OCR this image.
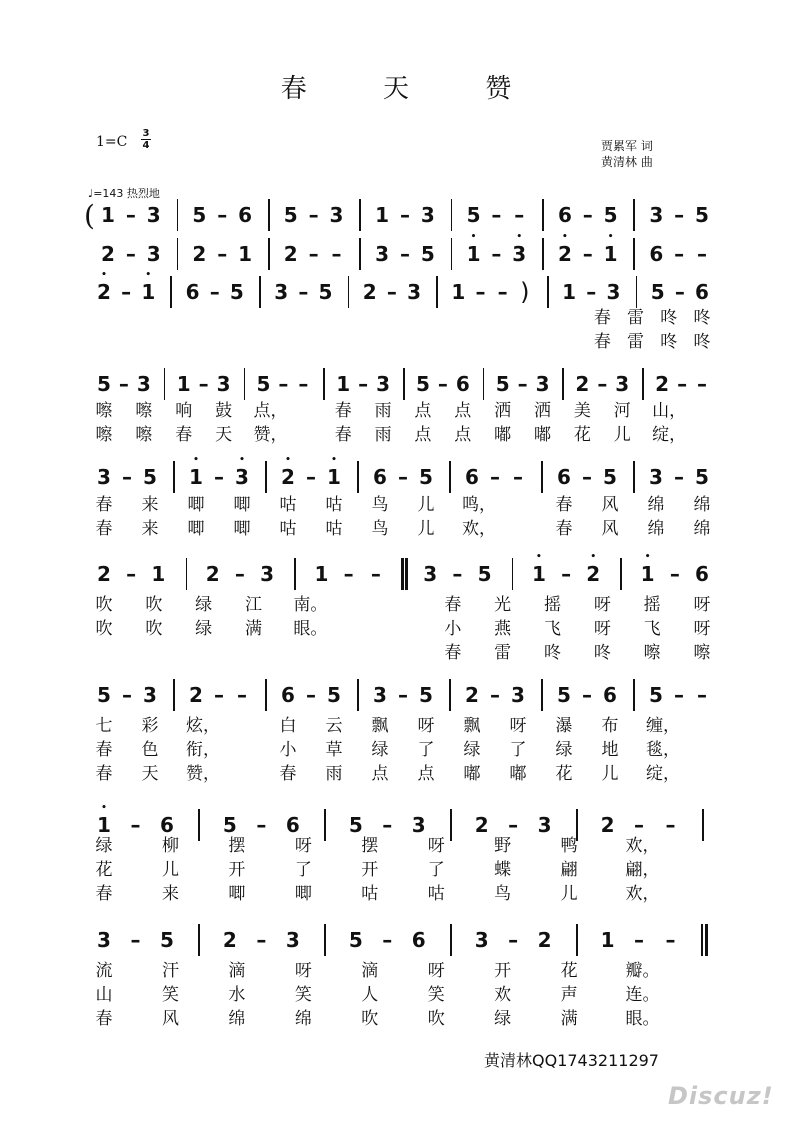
春 天 赞
1=C
3
4	贾累军 词
黄清林 曲
♩=143 热烈地
( 1 – 3 5 – 6 5 – 3 1 – 3 5 – – 6 – 5 3 – 5
2 – 3 2 – 1 2 – – 3 – 5 • 1 – • 3 • 2 – • 1 6 – –
• 2 – • 1 6 – 5 3 – 5 2 – 3 1 – – ) 1 – 3 5 – 6
春 雷 咚 咚
春 雷 咚 咚
5 – 3 1 – 3 5 – – 1 – 3 5 – 6 5 – 3 2 – 3 2 – –
嚓 嚓 响 鼓 点，	春 雨 点 点 洒 洒 美 河 山，
嚓 嚓 春 天 赞，	春 雨 点 点 嘟 嘟 花 儿 绽，
3 – 5 • 1 – • 3 • 2 – • 1 6 – 5 6 – – 6 – 5 3 – 5
春 来 唧 唧 咕 咕 鸟 儿 鸣，	春 风 绵 绵
春 来 唧 唧 咕 咕 鸟 儿 欢，	春 风 绵 绵
2 – 1 2 – 3 1 – – 3 – 5 • 1 – • 2 • 1 – 6
吹 吹 绿 江 南。	春 光 摇 呀 摇 呀
吹 吹 绿 满 眼。	小 燕 飞 呀 飞 呀
春 雷 咚 咚 嚓 嚓
5 – 3 2 – – 6 – 5 3 – 5 2 – 3 5 – 6 5 – –
七 彩 炫，	白 云 飘 呀 飘 呀 瀑 布 缠，
春 色 衔，	小 草 绿 了 绿 了 绿 地 毯，
春 天 赞，	春 雨 点 点 嘟 嘟 花 儿 绽，
• 1 – 6 5 – 6 5 – 3 2 – 3 2 – –
绿	柳	摆	呀	摆	呀	野	鸭	欢，
花	儿	开	了	开	了	蝶	翩	翩，
春	来	唧	唧	咕	咕	鸟	儿	欢，
3 – 5 2 – 3 5 – 6 3 – 2 1 – –
流	汗	滴	呀	滴	呀	开	花	瓣。
山	笑	水	笑	人	笑	欢	声	连。
春	风	绵	绵	吹	吹	绿	满	眼。
黄清林QQ1743211297
Discuz!
